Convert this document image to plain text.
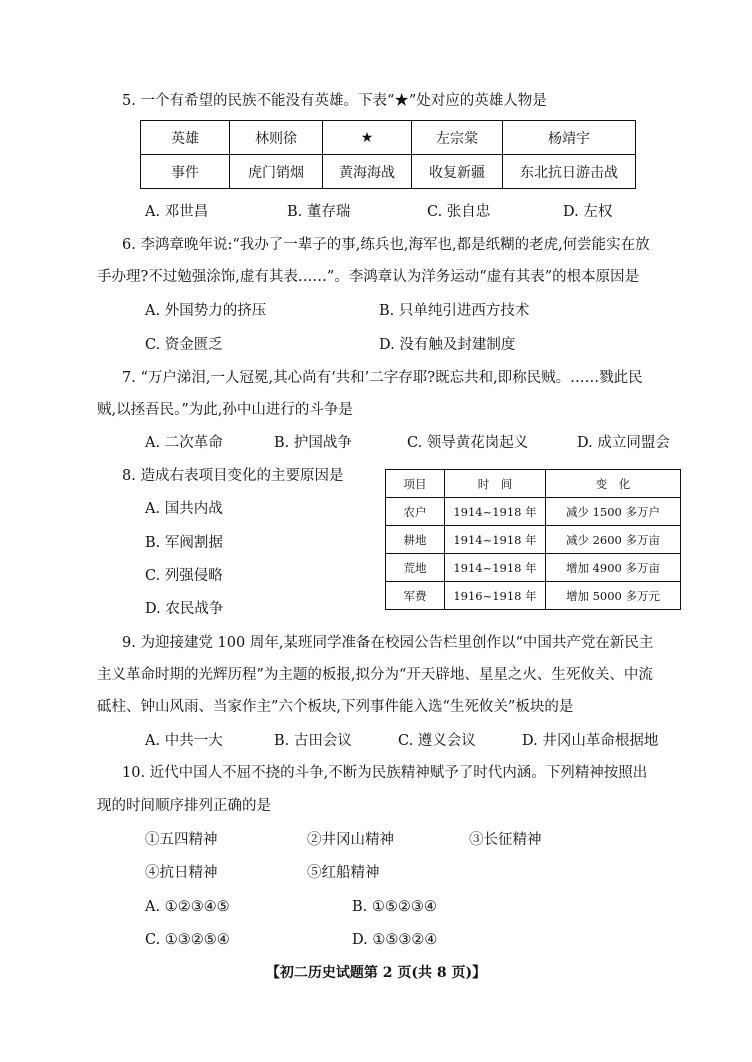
5. 一个有希望的民族不能没有英雄。下表“★”处对应的英雄人物是
英雄	林则徐	★	左宗棠	杨靖宇
事件	虎门销烟	黄海海战	收复新疆	东北抗日游击战
A. 邓世昌	B. 董存瑞	C. 张自忠	D. 左权
6. 李鸿章晚年说:“我办了一辈子的事,练兵也,海军也,都是纸糊的老虎,何尝能实在放
手办理?不过勉强涂饰,虚有其表……”。李鸿章认为洋务运动“虚有其表”的根本原因是
A. 外国势力的挤压	B. 只单纯引进西方技术
C. 资金匮乏	D. 没有触及封建制度
7. “万户涕泪,一人冠冕,其心尚有‘共和’二字存耶?既忘共和,即称民贼。……戮此民
贼,以拯吾民。”为此,孙中山进行的斗争是
A. 二次革命	B. 护国战争	C. 领导黄花岗起义	D. 成立同盟会
8. 造成右表项目变化的主要原因是
A. 国共内战
B. 军阀割据
C. 列强侵略
D. 农民战争
项目	时　间	变　化
农户	1914~1918 年	减少 1500 多万户
耕地	1914~1918 年	减少 2600 多万亩
荒地	1914~1918 年	增加 4900 多万亩
军费	1916~1918 年	增加 5000 多万元
9. 为迎接建党 100 周年,某班同学准备在校园公告栏里创作以“中国共产党在新民主
主义革命时期的光辉历程”为主题的板报,拟分为“开天辟地、星星之火、生死攸关、中流
砥柱、钟山风雨、当家作主”六个板块,下列事件能入选“生死攸关”板块的是
A. 中共一大	B. 古田会议	C. 遵义会议	D. 井冈山革命根据地
10. 近代中国人不屈不挠的斗争,不断为民族精神赋予了时代内涵。下列精神按照出
现的时间顺序排列正确的是
①五四精神	②井冈山精神	③长征精神
④抗日精神	⑤红船精神
A. ①②③④⑤	B. ①⑤②③④
C. ①③②⑤④	D. ①⑤③②④
【初二历史试题第 2 页(共 8 页)】
